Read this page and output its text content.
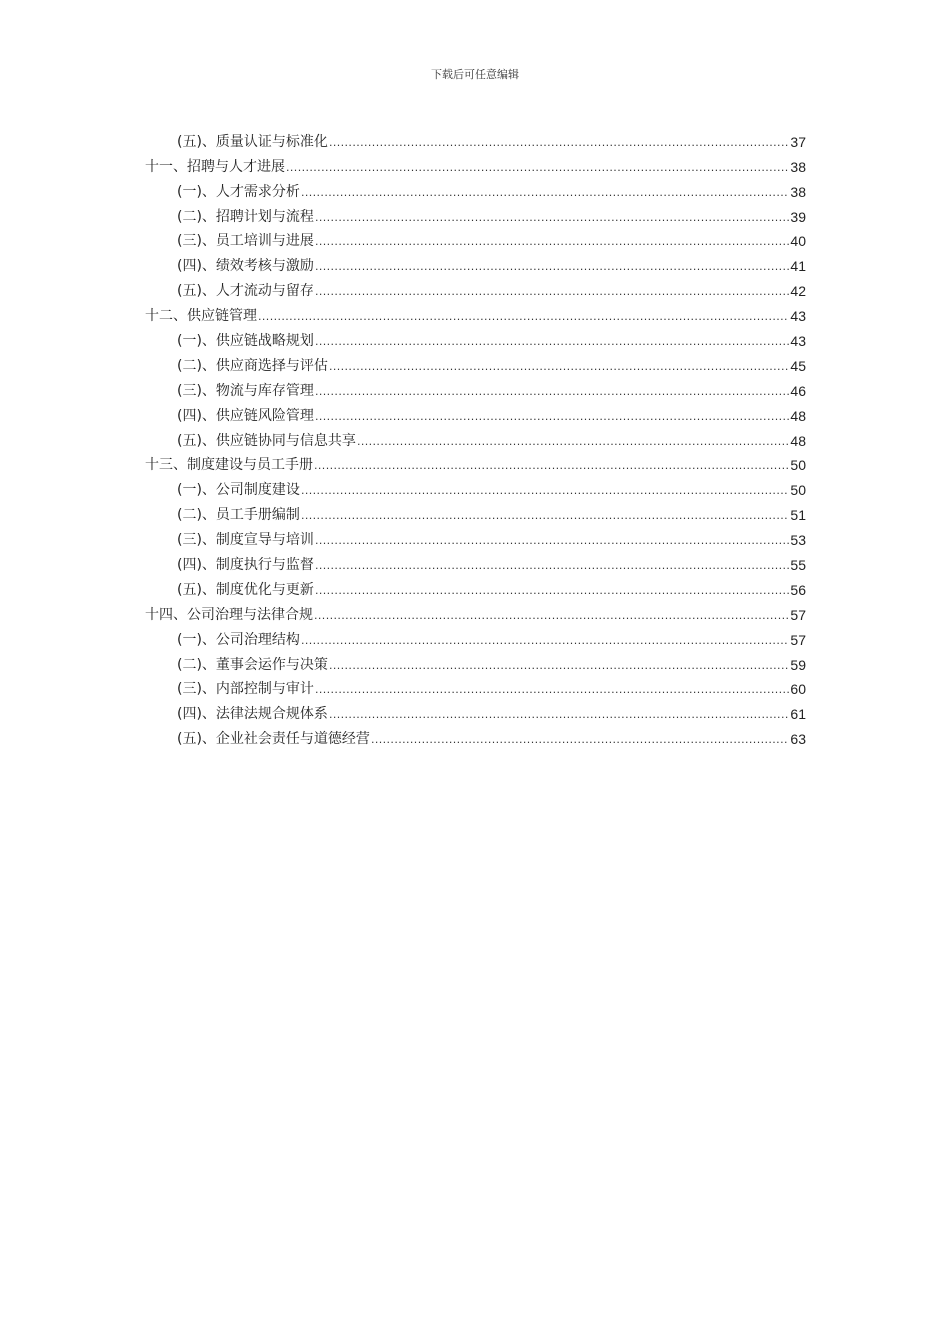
下载后可任意编辑
(五)、质量认证与标准化 .....	37
十一、招聘与人才进展 .....	38
(一)、人才需求分析 .....	38
(二)、招聘计划与流程 .....	39
(三)、员工培训与进展 .....	40
(四)、绩效考核与激励 .....	41
(五)、人才流动与留存 .....	42
十二、供应链管理 .....	43
(一)、供应链战略规划 .....	43
(二)、供应商选择与评估 .....	45
(三)、物流与库存管理 .....	46
(四)、供应链风险管理 .....	48
(五)、供应链协同与信息共享 .....	48
十三、制度建设与员工手册 .....	50
(一)、公司制度建设 .....	50
(二)、员工手册编制 .....	51
(三)、制度宣导与培训 .....	53
(四)、制度执行与监督 .....	55
(五)、制度优化与更新 .....	56
十四、公司治理与法律合规 .....	57
(一)、公司治理结构 .....	57
(二)、董事会运作与决策 .....	59
(三)、内部控制与审计 .....	60
(四)、法律法规合规体系 .....	61
(五)、企业社会责任与道德经营 .....	63
